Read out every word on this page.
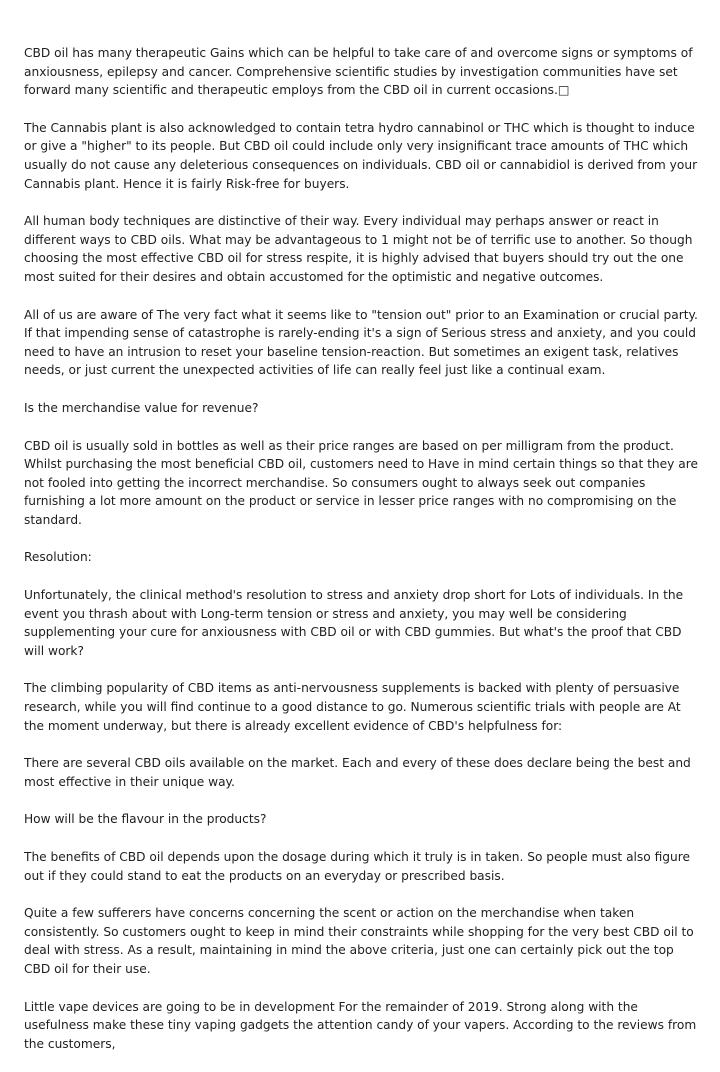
CBD oil has many therapeutic Gains which can be helpful to take care of and overcome signs or symptoms of anxiousness, epilepsy and cancer. Comprehensive scientific studies by investigation communities have set forward many scientific and therapeutic employs from the CBD oil in current occasions.□

The Cannabis plant is also acknowledged to contain tetra hydro cannabinol or THC which is thought to induce or give a "higher" to its people. But CBD oil could include only very insignificant trace amounts of THC which usually do not cause any deleterious consequences on individuals. CBD oil or cannabidiol is derived from your Cannabis plant. Hence it is fairly Risk-free for buyers.

All human body techniques are distinctive of their way. Every individual may perhaps answer or react in different ways to CBD oils. What may be advantageous to 1 might not be of terrific use to another. So though choosing the most effective CBD oil for stress respite, it is highly advised that buyers should try out the one most suited for their desires and obtain accustomed for the optimistic and negative outcomes.

All of us are aware of The very fact what it seems like to "tension out" prior to an Examination or crucial party. If that impending sense of catastrophe is rarely-ending it's a sign of Serious stress and anxiety, and you could need to have an intrusion to reset your baseline tension-reaction. But sometimes an exigent task, relatives needs, or just current the unexpected activities of life can really feel just like a continual exam.

Is the merchandise value for revenue?

CBD oil is usually sold in bottles as well as their price ranges are based on per milligram from the product. Whilst purchasing the most beneficial CBD oil, customers need to Have in mind certain things so that they are not fooled into getting the incorrect merchandise. So consumers ought to always seek out companies furnishing a lot more amount on the product or service in lesser price ranges with no compromising on the standard.

Resolution:

Unfortunately, the clinical method's resolution to stress and anxiety drop short for Lots of individuals. In the event you thrash about with Long-term tension or stress and anxiety, you may well be considering supplementing your cure for anxiousness with CBD oil or with CBD gummies. But what's the proof that CBD will work?

The climbing popularity of CBD items as anti-nervousness supplements is backed with plenty of persuasive research, while you will find continue to a good distance to go. Numerous scientific trials with people are At the moment underway, but there is already excellent evidence of CBD's helpfulness for:

There are several CBD oils available on the market. Each and every of these does declare being the best and most effective in their unique way.

How will be the flavour in the products?

The benefits of CBD oil depends upon the dosage during which it truly is in taken. So people must also figure out if they could stand to eat the products on an everyday or prescribed basis.

Quite a few sufferers have concerns concerning the scent or action on the merchandise when taken consistently. So customers ought to keep in mind their constraints while shopping for the very best CBD oil to deal with stress. As a result, maintaining in mind the above criteria, just one can certainly pick out the top CBD oil for their use.

Little vape devices are going to be in development For the remainder of 2019. Strong along with the usefulness make these tiny vaping gadgets the attention candy of your vapers. According to the reviews from the customers,
